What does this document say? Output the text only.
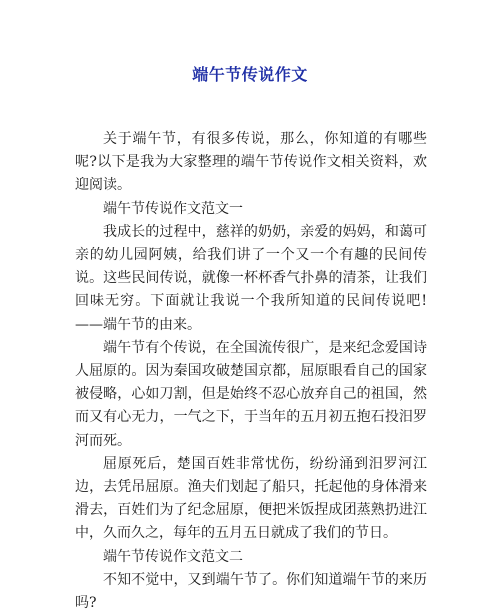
端午节传说作文

关于端午节，有很多传说，那么，你知道的有哪些呢?以下是我为大家整理的端午节传说作文相关资料，欢迎阅读。

端午节传说作文范文一

我成长的过程中，慈祥的奶奶，亲爱的妈妈，和蔼可亲的幼儿园阿姨，给我们讲了一个又一个有趣的民间传说。这些民间传说，就像一杯杯香气扑鼻的清茶，让我们回味无穷。下面就让我说一个我所知道的民间传说吧!——端午节的由来。

端午节有个传说，在全国流传很广，是来纪念爱国诗人屈原的。因为秦国攻破楚国京都，屈原眼看自己的国家被侵略，心如刀割，但是始终不忍心放弃自己的祖国，然而又有心无力，一气之下，于当年的五月初五抱石投汨罗河而死。

屈原死后，楚国百姓非常忧伤，纷纷涌到汨罗河江边，去凭吊屈原。渔夫们划起了船只，托起他的身体滑来滑去，百姓们为了纪念屈原，便把米饭捏成团蒸熟扔进江中，久而久之，每年的五月五日就成了我们的节日。

端午节传说作文范文二

不知不觉中，又到端午节了。你们知道端午节的来历吗?
